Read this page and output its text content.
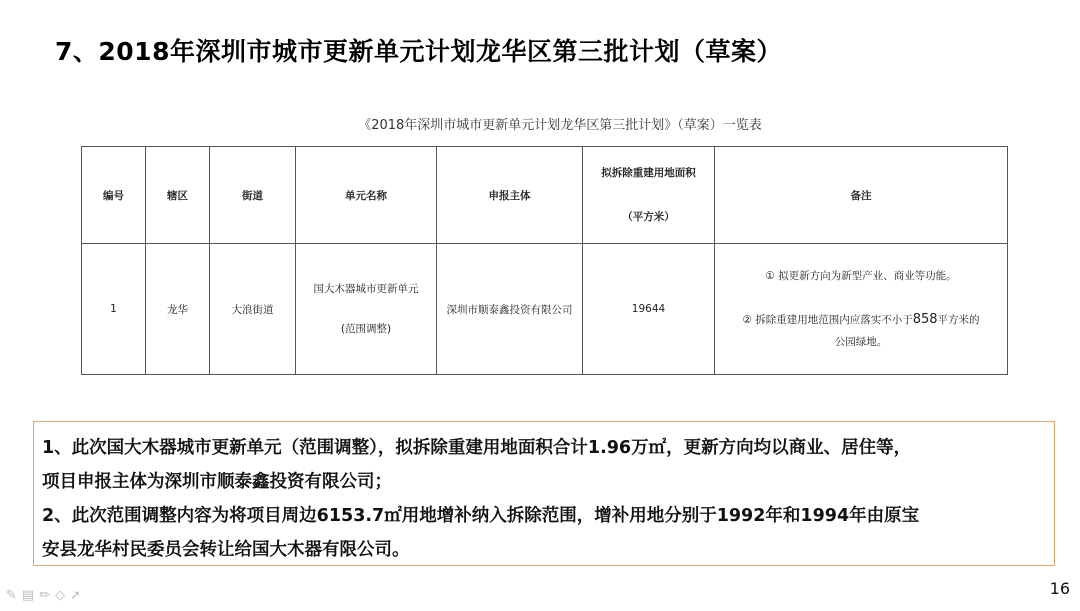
7、2018年深圳市城市更新单元计划龙华区第三批计划（草案）
《2018年深圳市城市更新单元计划龙华区第三批计划》（草案）一览表
编号	辖区	街道	单元名称	申报主体	拟拆除重建用地面积
（平方米）	备注
1	龙华	大浪街道	国大木器城市更新单元
(范围调整)	深圳市顺泰鑫投资有限公司	19644	① 拟更新方向为新型产业、商业等功能。
② 拆除重建用地范围内应落实不小于858平方米的
公园绿地。
1、此次国大木器城市更新单元（范围调整），拟拆除重建用地面积合计1.96万㎡，更新方向均以商业、居住等，
项目申报主体为深圳市顺泰鑫投资有限公司；
2、此次范围调整内容为将项目周边6153.7㎡用地增补纳入拆除范围，增补用地分别于1992年和1994年由原宝
安县龙华村民委员会转让给国大木器有限公司。
✎ ▤ ✏ ◇ ➚	16
